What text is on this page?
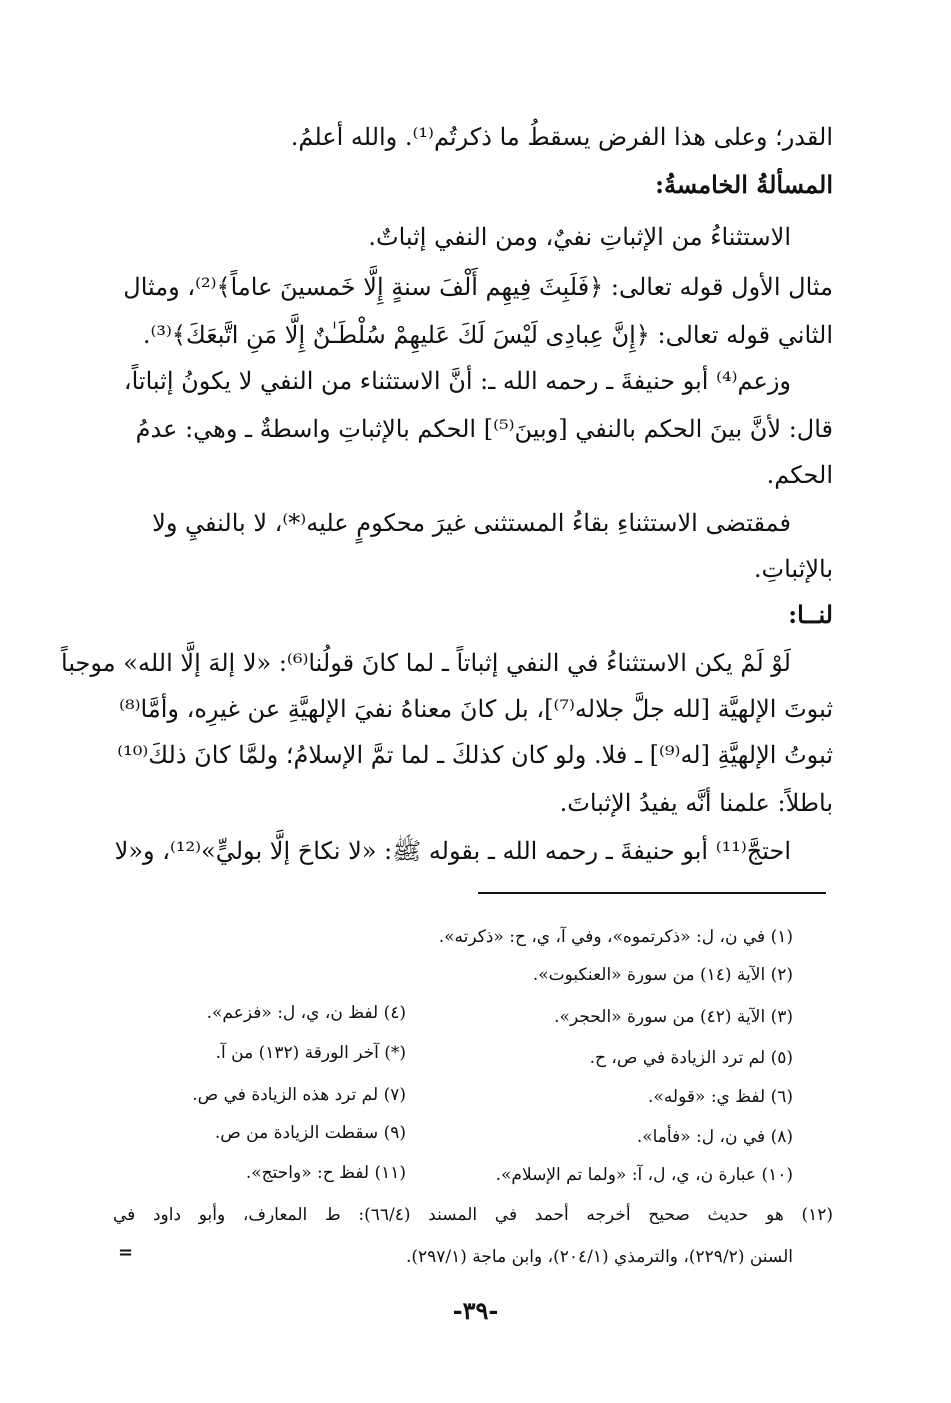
القدر؛ وعلى هذا الفرض يسقطُ ما ذكرتُم⁽¹⁾. والله أعلمُ.
المسألةُ الخامسةُ:
الاستثناءُ من الإثباتِ نفيٌ، ومن النفي إثباتٌ.
مثال الأول قوله تعالى: ﴿فَلَبِثَ فِيهِم أَلْفَ سنةٍ إِلَّا خَمسينَ عاماً﴾⁽²⁾، ومثال
الثاني قوله تعالى: ﴿إِنَّ عِبادِى لَيْسَ لَكَ عَليهِمْ سُلْطَـٰنٌ إِلَّا مَنِ اتَّبعَكَ﴾⁽³⁾.
وزعم⁽⁴⁾ أبو حنيفةَ ـ رحمه الله ـ: أنَّ الاستثناء من النفي لا يكونُ إثباتاً،
قال: لأنَّ بينَ الحكم بالنفي [وبينَ⁽⁵⁾] الحكم بالإثباتِ واسطةٌ ـ وهي: عدمُ
الحكم.
فمقتضى الاستثناءِ بقاءُ المستثنى غيرَ محكومٍ عليه⁽*⁾، لا بالنفيِ ولا
بالإثباتِ.
لنــا:
لَوْ لَمْ يكن الاستثناءُ في النفي إثباتاً ـ لما كانَ قولُنا⁽⁶⁾: «لا إلهَ إلَّا الله» موجباً
ثبوتَ الإلهيَّة [لله جلَّ جلاله⁽⁷⁾]، بل كانَ معناهُ نفيَ الإلهيَّةِ عن غيرِه، وأمَّا⁽⁸⁾
ثبوتُ الإلهيَّةِ [له⁽⁹⁾] ـ فلا. ولو كان كذلكَ ـ لما تمَّ الإسلامُ؛ ولمَّا كانَ ذلكَ⁽¹⁰⁾
باطلاً: علمنا أنَّه يفيدُ الإثباتَ.
احتجَّ⁽¹¹⁾ أبو حنيفةَ ـ رحمه الله ـ بقوله ﷺ: «لا نكاحَ إلَّا بوليٍّ»⁽¹²⁾، و«لا
(١) في ن، ل: «ذكرتموه»، وفي آ، ي، ح: «ذكرته».
(٢) الآية (١٤) من سورة «العنكبوت».
(٣) الآية (٤٢) من سورة «الحجر».
(٤) لفظ ن، ي، ل: «فزعم».
(٥) لم ترد الزيادة في ص، ح.
(*) آخر الورقة (١٣٢) من آ.
(٦) لفظ ي: «قوله».
(٧) لم ترد هذه الزيادة في ص.
(٨) في ن، ل: «فأما».
(٩) سقطت الزيادة من ص.
(١٠) عبارة ن، ي، ل، آ: «ولما تم الإسلام».
(١١) لفظ ح: «واحتج».
(١٢) هو حديث صحيح أخرجه أحمد في المسند (٦٦/٤): ط المعارف، وأبو داود في
السنن (٢٢٩/٢)، والترمذي (٢٠٤/١)، وابن ماجة (٢٩٧/١).
=
-٣٩-
